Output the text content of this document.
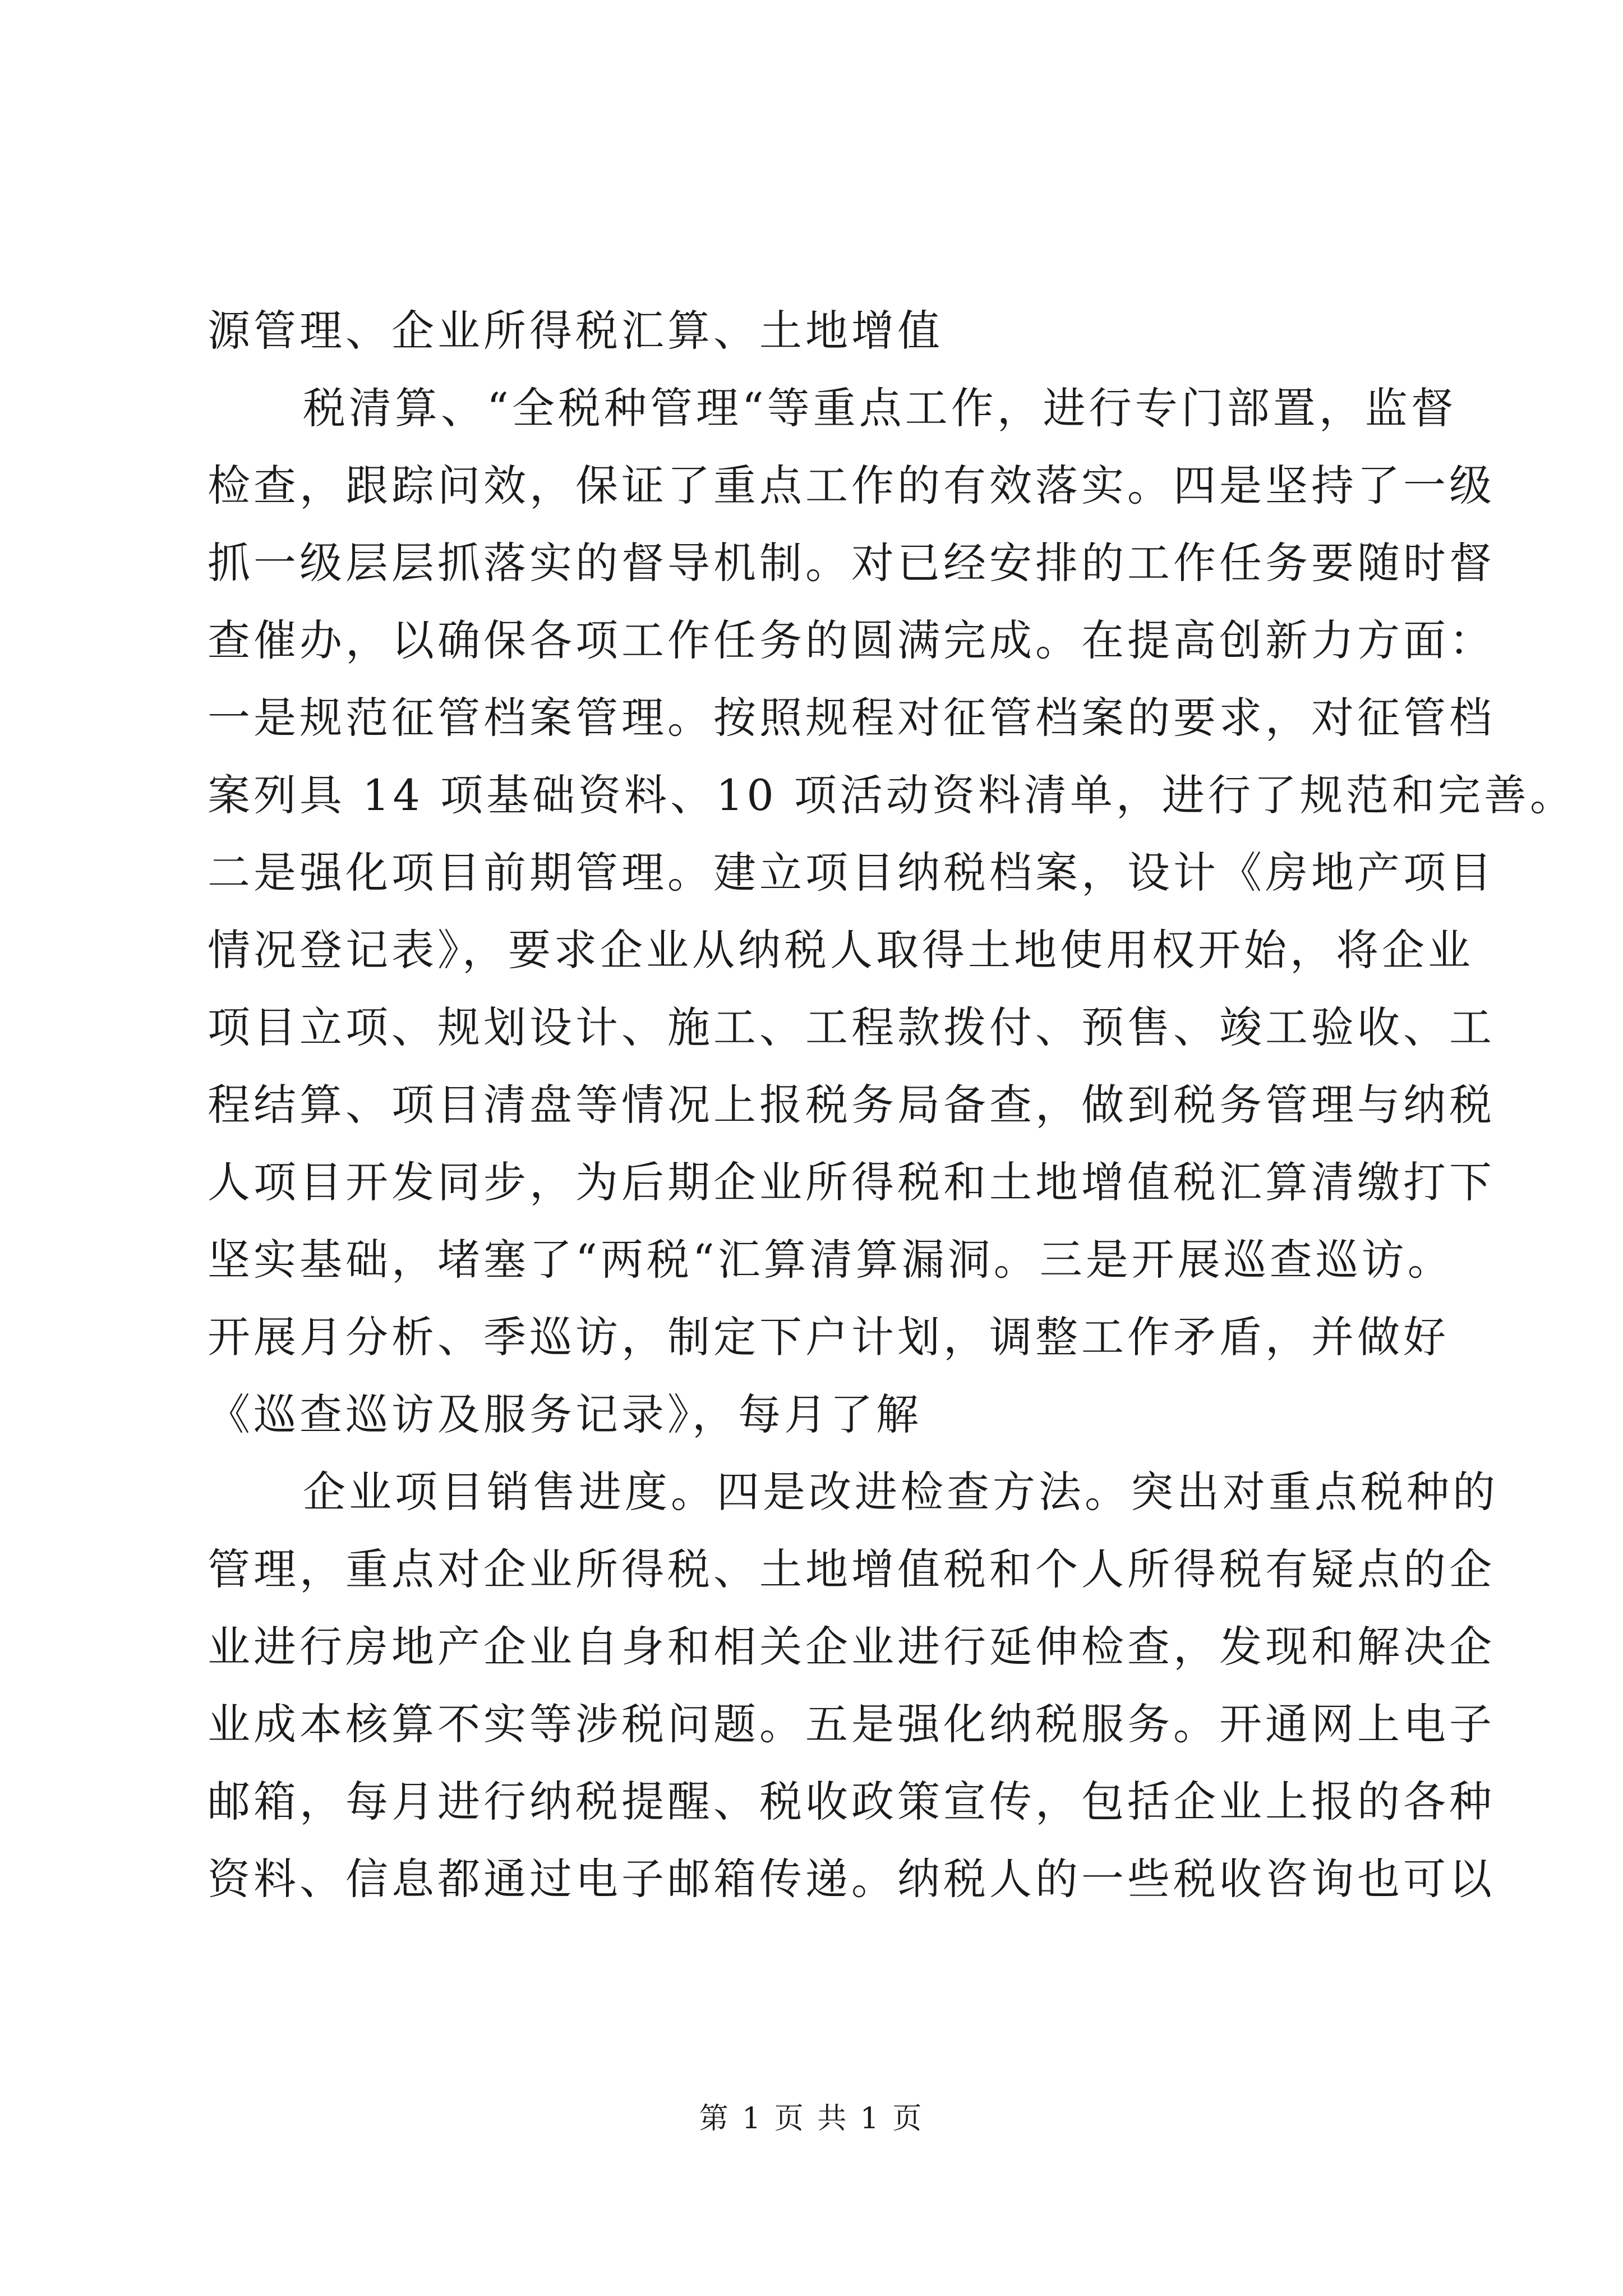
源管理、企业所得税汇算、土地增值
税清算、“全税种管理“等重点工作，进行专门部置，监督
检查，跟踪问效，保证了重点工作的有效落实。四是坚持了一级
抓一级层层抓落实的督导机制。对已经安排的工作任务要随时督
查催办，以确保各项工作任务的圆满完成。在提高创新力方面：
一是规范征管档案管理。按照规程对征管档案的要求，对征管档
案列具 14 项基础资料、10 项活动资料清单，进行了规范和完善。
二是强化项目前期管理。建立项目纳税档案，设计《房地产项目
情况登记表》，要求企业从纳税人取得土地使用权开始，将企业
项目立项、规划设计、施工、工程款拨付、预售、竣工验收、工
程结算、项目清盘等情况上报税务局备查，做到税务管理与纳税
人项目开发同步，为后期企业所得税和土地增值税汇算清缴打下
坚实基础，堵塞了“两税“汇算清算漏洞。三是开展巡查巡访。
开展月分析、季巡访，制定下户计划，调整工作矛盾，并做好
《巡查巡访及服务记录》，每月了解
企业项目销售进度。四是改进检查方法。突出对重点税种的
管理，重点对企业所得税、土地增值税和个人所得税有疑点的企
业进行房地产企业自身和相关企业进行延伸检查，发现和解决企
业成本核算不实等涉税问题。五是强化纳税服务。开通网上电子
邮箱，每月进行纳税提醒、税收政策宣传，包括企业上报的各种
资料、信息都通过电子邮箱传递。纳税人的一些税收咨询也可以
第 1 页 共 1 页
